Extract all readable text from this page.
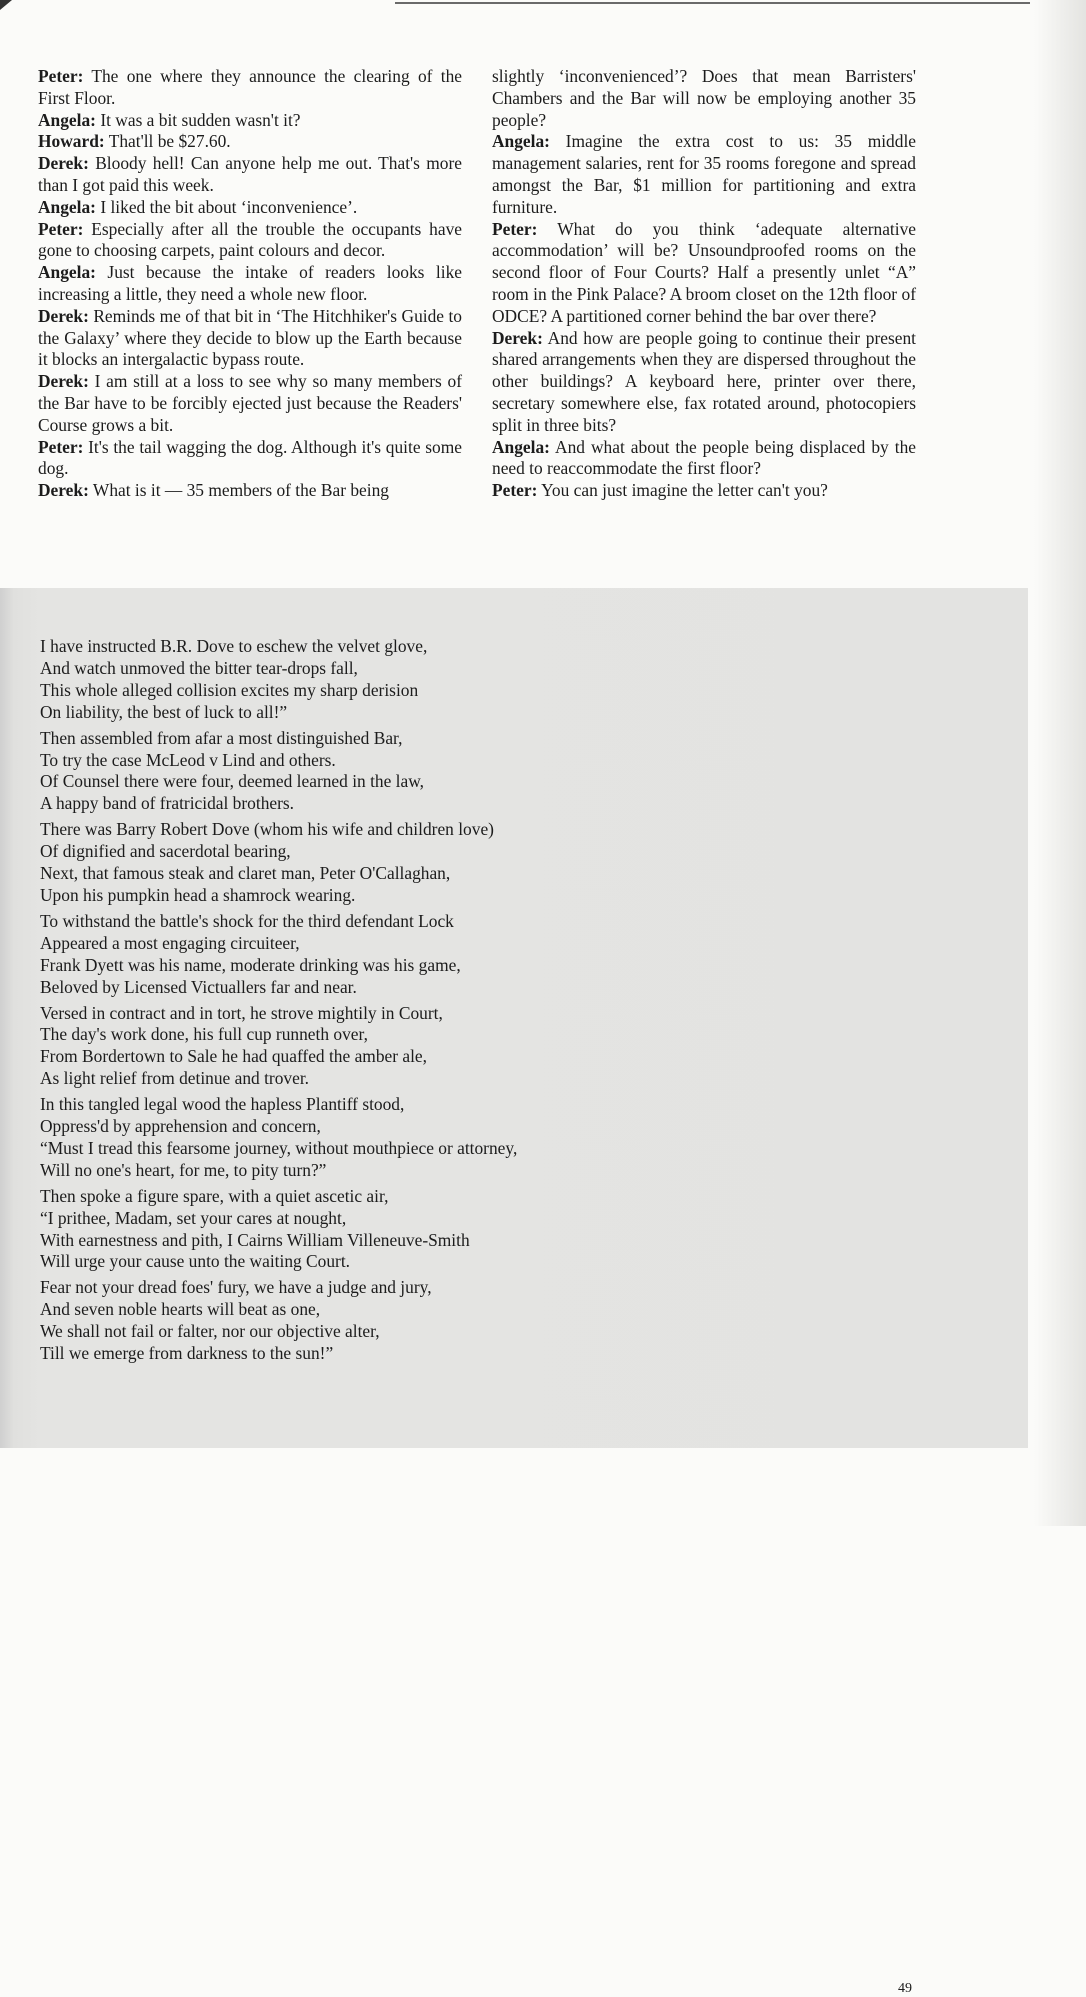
Peter: The one where they announce the clearing of the First Floor.

Angela: It was a bit sudden wasn't it?

Howard: That'll be $27.60.

Derek: Bloody hell! Can anyone help me out. That's more than I got paid this week.

Angela: I liked the bit about ‘inconvenience’.

Peter: Especially after all the trouble the occupants have gone to choosing carpets, paint colours and decor.

Angela: Just because the intake of readers looks like increasing a little, they need a whole new floor.

Derek: Reminds me of that bit in ‘The Hitchhiker's Guide to the Galaxy’ where they decide to blow up the Earth because it blocks an intergalactic bypass route.

Derek: I am still at a loss to see why so many members of the Bar have to be forcibly ejected just because the Readers' Course grows a bit.

Peter: It's the tail wagging the dog. Although it's quite some dog.

Derek: What is it — 35 members of the Bar being

slightly ‘inconvenienced’? Does that mean Barristers' Chambers and the Bar will now be employing another 35 people?

Angela: Imagine the extra cost to us: 35 middle management salaries, rent for 35 rooms foregone and spread amongst the Bar, $1 million for partitioning and extra furniture.

Peter: What do you think ‘adequate alternative accommodation’ will be? Unsoundproofed rooms on the second floor of Four Courts? Half a presently unlet “A” room in the Pink Palace? A broom closet on the 12th floor of ODCE? A partitioned corner behind the bar over there?

Derek: And how are people going to continue their present shared arrangements when they are dispersed throughout the other buildings? A keyboard here, printer over there, secretary somewhere else, fax rotated around, photocopiers split in three bits?

Angela: And what about the people being displaced by the need to reaccommodate the first floor?

Peter: You can just imagine the letter can't you?

I have instructed B.R. Dove to eschew the velvet glove,
And watch unmoved the bitter tear-drops fall,
This whole alleged collision excites my sharp derision
On liability, the best of luck to all!”
Then assembled from afar a most distinguished Bar,
To try the case McLeod v Lind and others.
Of Counsel there were four, deemed learned in the law,
A happy band of fratricidal brothers.
There was Barry Robert Dove (whom his wife and children love)
Of dignified and sacerdotal bearing,
Next, that famous steak and claret man, Peter O'Callaghan,
Upon his pumpkin head a shamrock wearing.
To withstand the battle's shock for the third defendant Lock
Appeared a most engaging circuiteer,
Frank Dyett was his name, moderate drinking was his game,
Beloved by Licensed Victuallers far and near.
Versed in contract and in tort, he strove mightily in Court,
The day's work done, his full cup runneth over,
From Bordertown to Sale he had quaffed the amber ale,
As light relief from detinue and trover.
In this tangled legal wood the hapless Plantiff stood,
Oppress'd by apprehension and concern,
“Must I tread this fearsome journey, without mouthpiece or attorney,
Will no one's heart, for me, to pity turn?”
Then spoke a figure spare, with a quiet ascetic air,
“I prithee, Madam, set your cares at nought,
With earnestness and pith, I Cairns William Villeneuve-Smith
Will urge your cause unto the waiting Court.
Fear not your dread foes' fury, we have a judge and jury,
And seven noble hearts will beat as one,
We shall not fail or falter, nor our objective alter,
Till we emerge from darkness to the sun!”
49
